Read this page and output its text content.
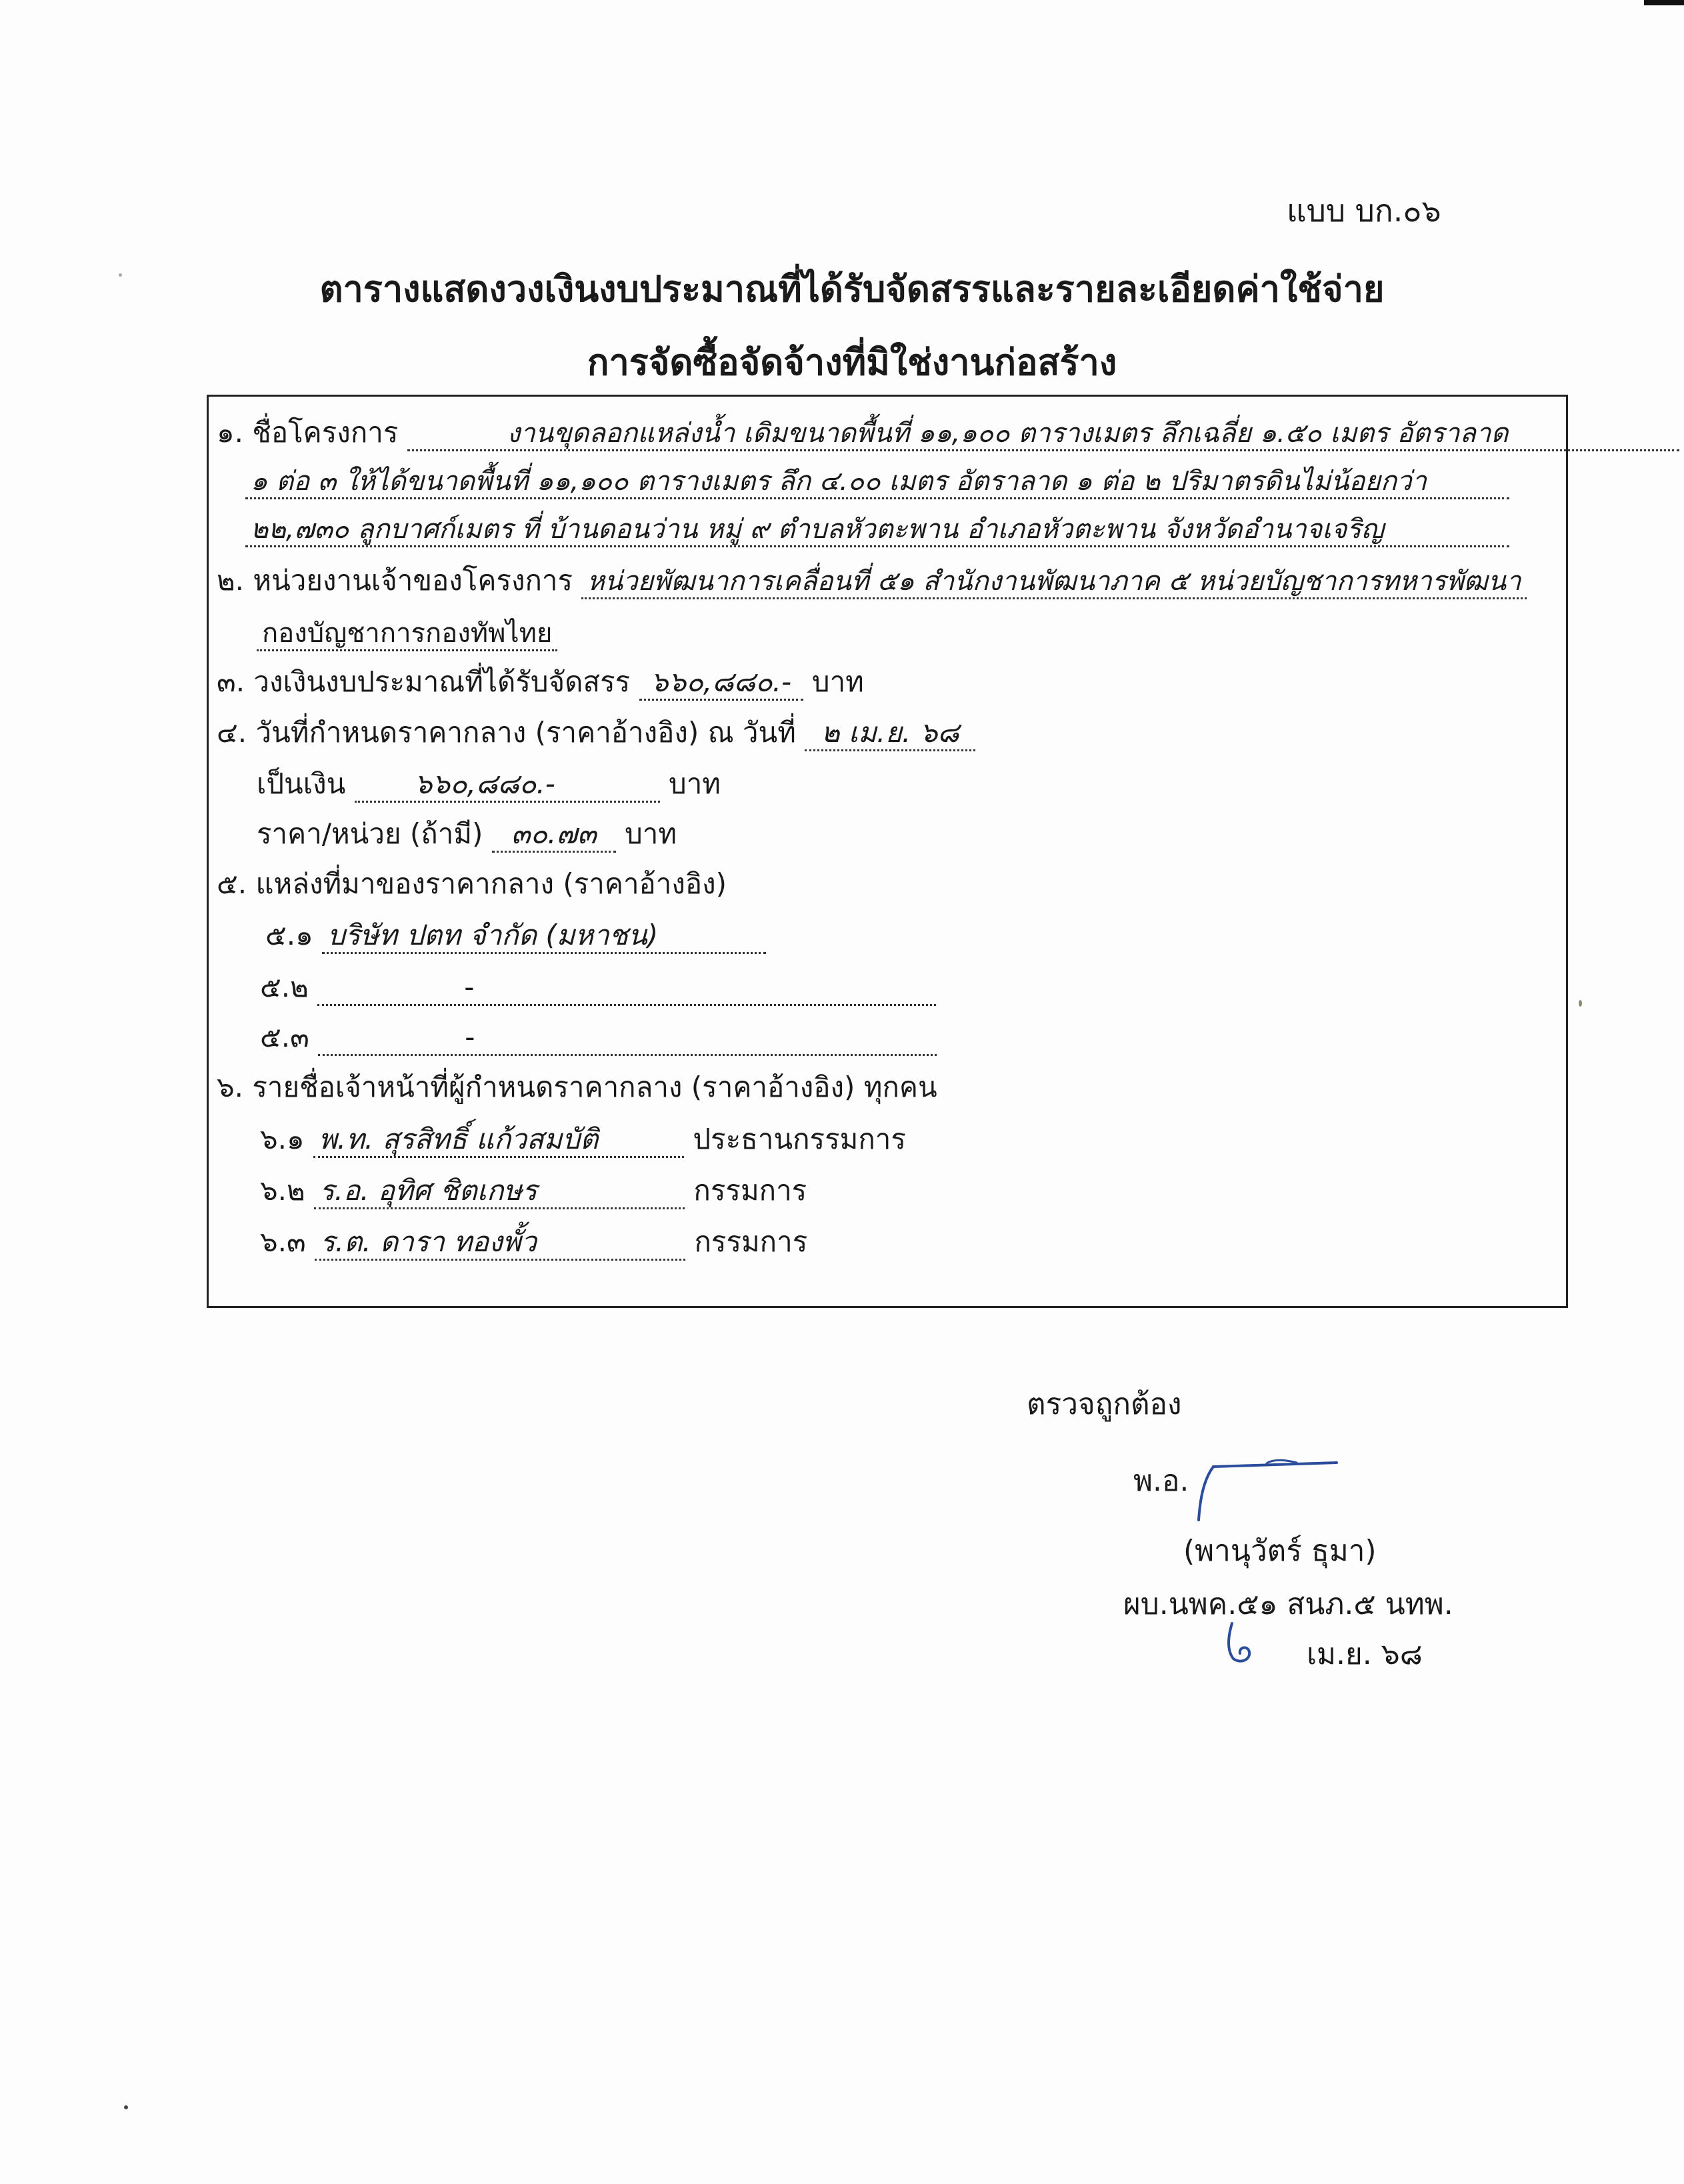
แบบ บก.๐๖
ตารางแสดงวงเงินงบประมาณที่ได้รับจัดสรรและรายละเอียดค่าใช้จ่าย
การจัดซื้อจัดจ้างที่มิใช่งานก่อสร้าง
๑. ชื่อโครงการ	งานขุดลอกแหล่งน้ำ เดิมขนาดพื้นที่ ๑๑,๑๐๐ ตารางเมตร ลึกเฉลี่ย ๑.๕๐ เมตร อัตราลาด
๑ ต่อ ๓ ให้ได้ขนาดพื้นที่ ๑๑,๑๐๐ ตารางเมตร ลึก ๔.๐๐ เมตร อัตราลาด ๑ ต่อ ๒ ปริมาตรดินไม่น้อยกว่า
๒๒,๗๓๐ ลูกบาศก์เมตร ที่ บ้านดอนว่าน หมู่ ๙ ตำบลหัวตะพาน อำเภอหัวตะพาน จังหวัดอำนาจเจริญ
๒. หน่วยงานเจ้าของโครงการ หน่วยพัฒนาการเคลื่อนที่ ๕๑ สำนักงานพัฒนาภาค ๕ หน่วยบัญชาการทหารพัฒนา
กองบัญชาการกองทัพไทย
๓. วงเงินงบประมาณที่ได้รับจัดสรร ๖๖๐,๘๘๐.- บาท
๔. วันที่กำหนดราคากลาง (ราคาอ้างอิง) ณ วันที่ ๒ เม.ย. ๖๘
เป็นเงิน ๖๖๐,๘๘๐.-	บาท
ราคา/หน่วย (ถ้ามี) ๓๐.๗๓ บาท
๕. แหล่งที่มาของราคากลาง (ราคาอ้างอิง)
๕.๑ บริษัท ปตท จำกัด (มหาชน)
๕.๒	-
๕.๓	-
๖. รายชื่อเจ้าหน้าที่ผู้กำหนดราคากลาง (ราคาอ้างอิง) ทุกคน
๖.๑ พ.ท. สุรสิทธิ์ แก้วสมบัติ	ประธานกรรมการ
๖.๒ ร.อ. อุทิศ ชิตเกษร	กรรมการ
๖.๓ ร.ต. ดารา ทองพั้ว	กรรมการ
ตรวจถูกต้อง
พ.อ.
(พานุวัตร์ ธุมา)
ผบ.นพค.๕๑ สนภ.๕ นทพ.
เม.ย. ๖๘
